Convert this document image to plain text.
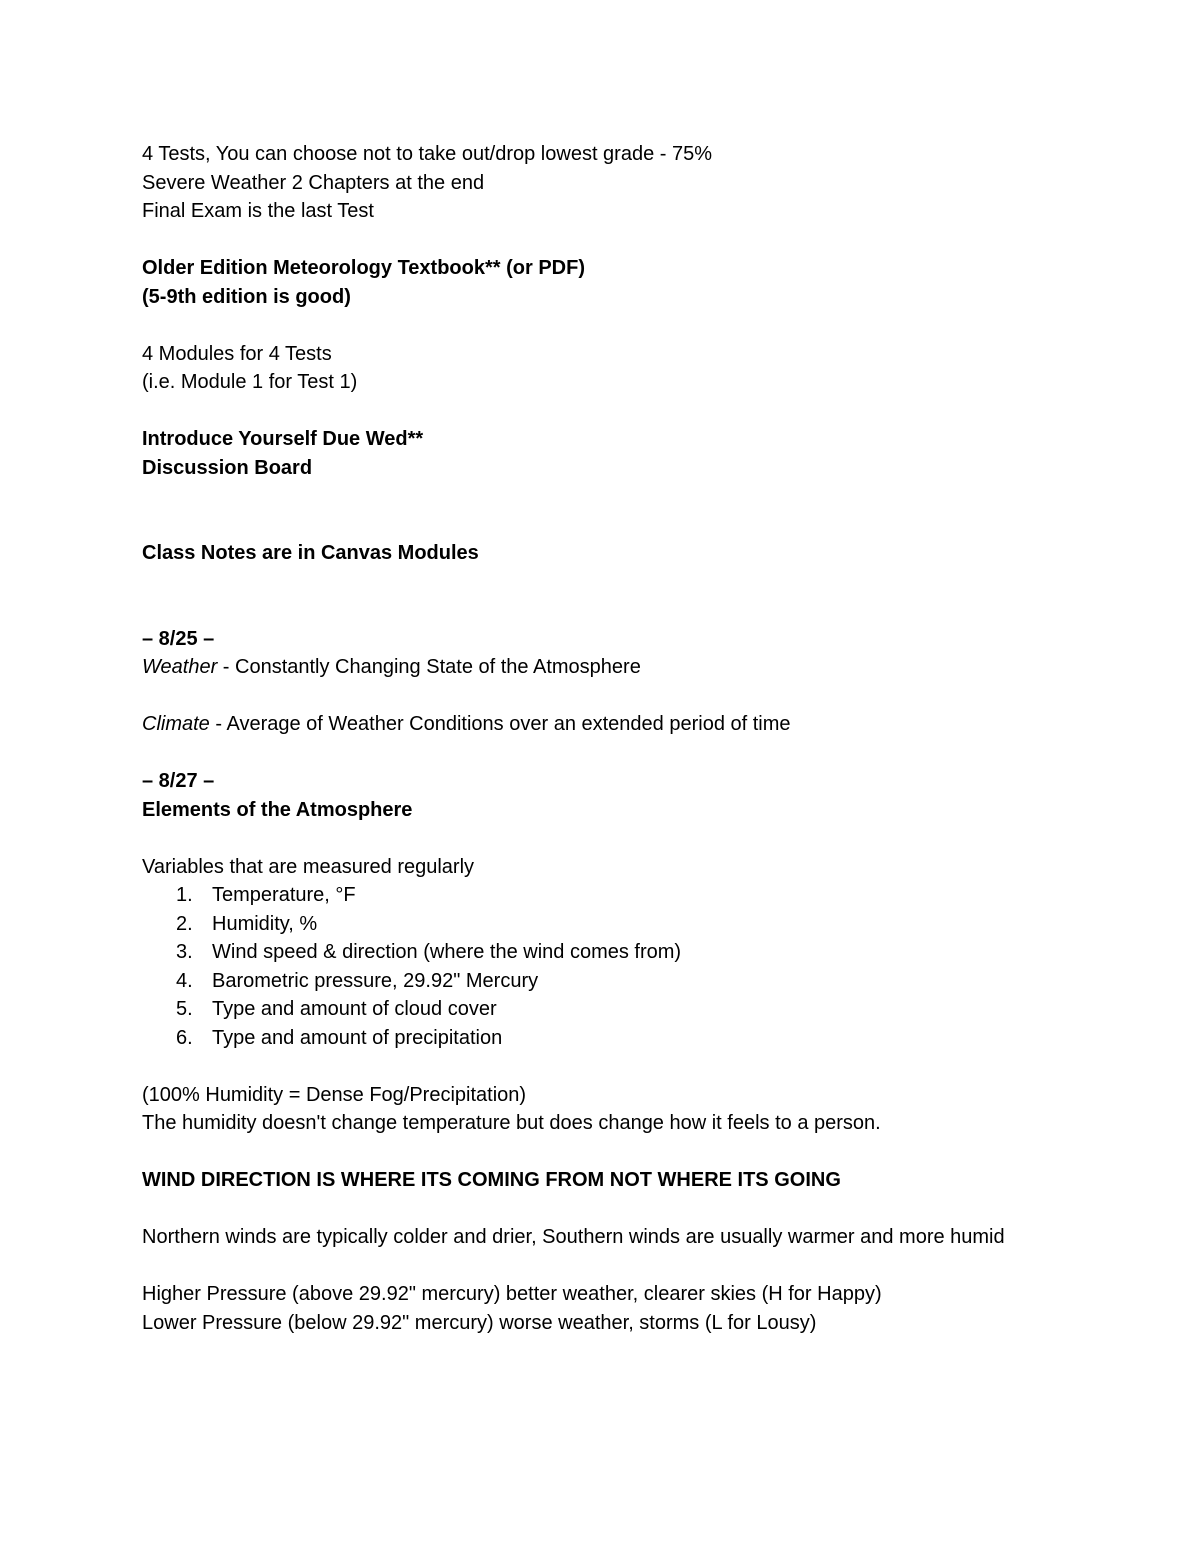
4 Tests, You can choose not to take out/drop lowest grade - 75%
Severe Weather 2 Chapters at the end
Final Exam is the last Test
Older Edition Meteorology Textbook** (or PDF)
(5-9th edition is good)
4 Modules for 4 Tests
(i.e. Module 1 for Test 1)
Introduce Yourself Due Wed**
Discussion Board
Class Notes are in Canvas Modules
– 8/25 –
Weather - Constantly Changing State of the Atmosphere
Climate - Average of Weather Conditions over an extended period of time
– 8/27 –
Elements of the Atmosphere
Variables that are measured regularly
1. Temperature, °F
2. Humidity, %
3. Wind speed & direction (where the wind comes from)
4. Barometric pressure, 29.92" Mercury
5. Type and amount of cloud cover
6. Type and amount of precipitation
(100% Humidity = Dense Fog/Precipitation)
The humidity doesn't change temperature but does change how it feels to a person.
WIND DIRECTION IS WHERE ITS COMING FROM NOT WHERE ITS GOING
Northern winds are typically colder and drier, Southern winds are usually warmer and more humid
Higher Pressure (above 29.92" mercury) better weather, clearer skies (H for Happy)
Lower Pressure (below 29.92" mercury) worse weather, storms (L for Lousy)
